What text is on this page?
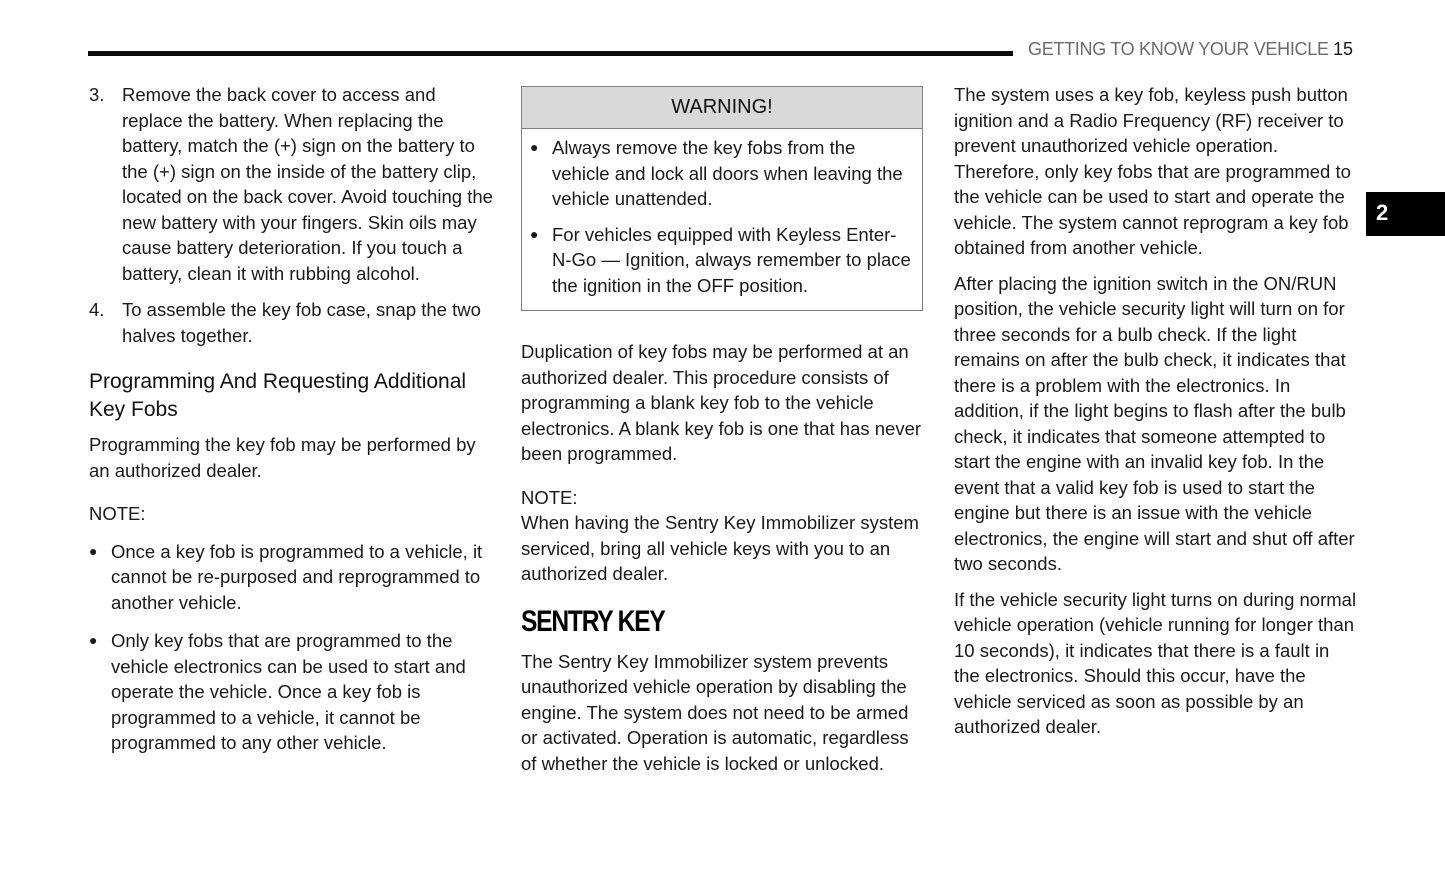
GETTING TO KNOW YOUR VEHICLE 15
2
3. Remove the back cover to access and replace the battery. When replacing the battery, match the (+) sign on the battery to the (+) sign on the inside of the battery clip, located on the back cover. Avoid touching the new battery with your fingers. Skin oils may cause battery deterioration. If you touch a battery, clean it with rubbing alcohol.
4. To assemble the key fob case, snap the two halves together.
Programming And Requesting Additional Key Fobs

Programming the key fob may be performed by an authorized dealer.

NOTE:
● Once a key fob is programmed to a vehicle, it cannot be re-purposed and reprogrammed to another vehicle.
● Only key fobs that are programmed to the vehicle electronics can be used to start and operate the vehicle. Once a key fob is programmed to a vehicle, it cannot be programmed to any other vehicle.
WARNING!
● Always remove the key fobs from the vehicle and lock all doors when leaving the vehicle unattended.
● For vehicles equipped with Keyless Enter-N-Go — Ignition, always remember to place the ignition in the OFF position.

Duplication of key fobs may be performed at an authorized dealer. This procedure consists of programming a blank key fob to the vehicle electronics. A blank key fob is one that has never been programmed.

NOTE:

When having the Sentry Key Immobilizer system serviced, bring all vehicle keys with you to an authorized dealer.

SENTRY KEY

The Sentry Key Immobilizer system prevents unauthorized vehicle operation by disabling the engine. The system does not need to be armed or activated. Operation is automatic, regardless of whether the vehicle is locked or unlocked.

The system uses a key fob, keyless push button ignition and a Radio Frequency (RF) receiver to prevent unauthorized vehicle operation. Therefore, only key fobs that are programmed to the vehicle can be used to start and operate the vehicle. The system cannot reprogram a key fob obtained from another vehicle.

After placing the ignition switch in the ON/RUN position, the vehicle security light will turn on for three seconds for a bulb check. If the light remains on after the bulb check, it indicates that there is a problem with the electronics. In addition, if the light begins to flash after the bulb check, it indicates that someone attempted to start the engine with an invalid key fob. In the event that a valid key fob is used to start the engine but there is an issue with the vehicle electronics, the engine will start and shut off after two seconds.

If the vehicle security light turns on during normal vehicle operation (vehicle running for longer than 10 seconds), it indicates that there is a fault in the electronics. Should this occur, have the vehicle serviced as soon as possible by an authorized dealer.
